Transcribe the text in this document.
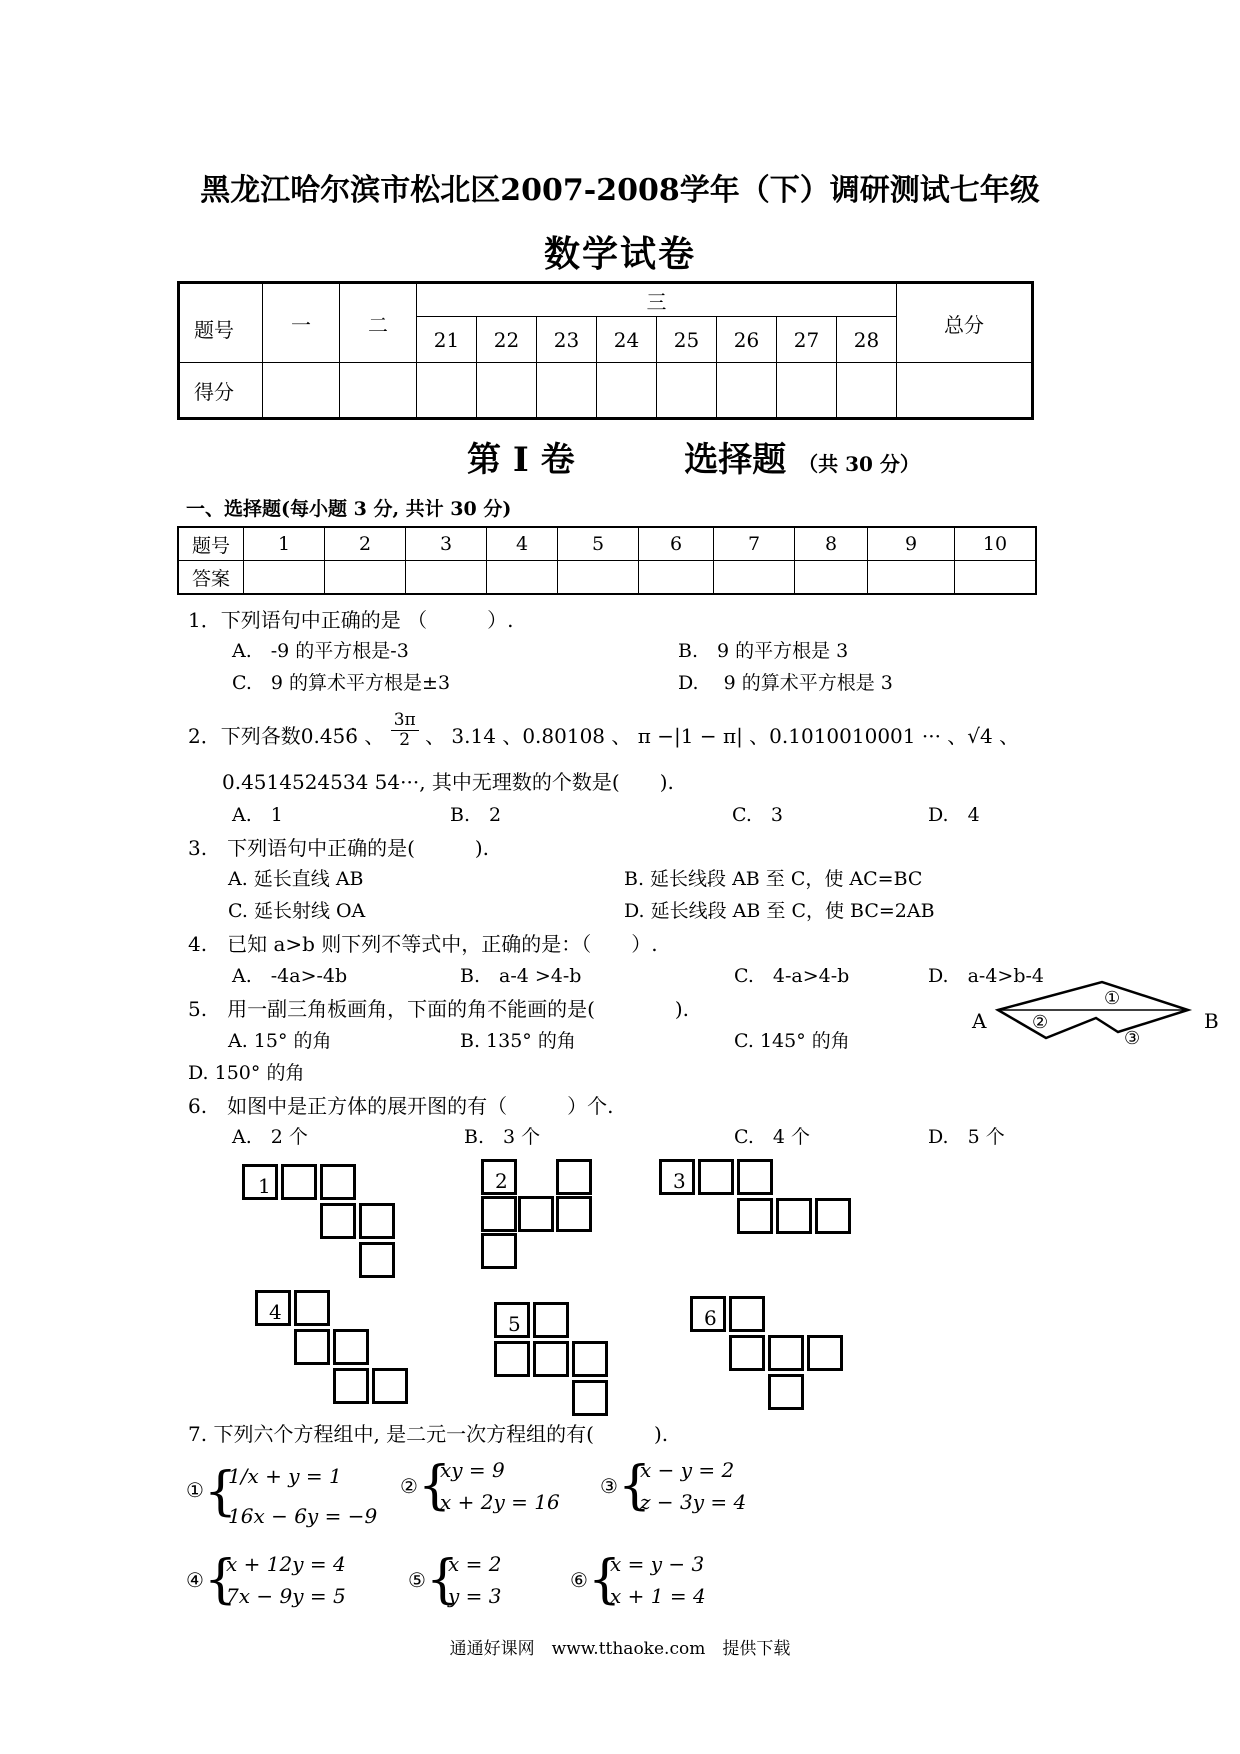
黑龙江哈尔滨市松北区2007-2008学年（下）调研测试七年级
数学试卷
题号	一	二	三								总分
			21	22	23	24	25	26	27	28	
得分											
第 I 卷	选择题 （共 30 分）
一、选择题(每小题 3 分, 共计 30 分)
题号	1	2	3	4	5	6	7	8	9	10
答案										
1．下列语句中正确的是 （　　　）.
A.　-9 的平方根是-3	B.　9 的平方根是 3
C.　9 的算术平方根是±3	D.　 9 的算术平方根是 3
2．下列各数0.45̇6̇ 、 $\frac{3\pi}{2}$ 、 3.14 、0.80108 、 π −|1 − π| 、0.1010010001 ··· 、√4 、
0.4514524534 54···, 其中无理数的个数是(　　).
A.　1	B.　2	C.　3	D.　4
3.　下列语句中正确的是(　　　).
A. 延长直线 AB	B. 延长线段 AB 至 C，使 AC=BC
C. 延长射线 OA	D. 延长线段 AB 至 C，使 BC=2AB
4.　已知 a>b 则下列不等式中，正确的是：（　　）.
A.　-4a>-4b	B.　a-4 >4-b	C.　4-a>4-b	D.　a-4>b-4
5.　用一副三角板画角，下面的角不能画的是(　　　　).
A. 15° 的角	B. 135° 的角	C. 145° 的角
D. 150° 的角
A	B
①
②
③
6.　如图中是正方体的展开图的有（　　　）个.
A.　2 个	B.　3 个	C.　4 个	D.　5 个
1	2	3
4	5	6
7. 下列六个方程组中, 是二元一次方程组的有(　　　).
① {
1/x + y = 1
16x − 6y = −9
② {
xy = 9
x + 2y = 16
③ {
x − y = 2
z − 3y = 4
④ {
x + 12y = 4
7x − 9y = 5
⑤ {
x = 2
y = 3
⑥ {
x = y − 3
x + 1 = 4
通通好课网　www.tthaoke.com　提供下载
